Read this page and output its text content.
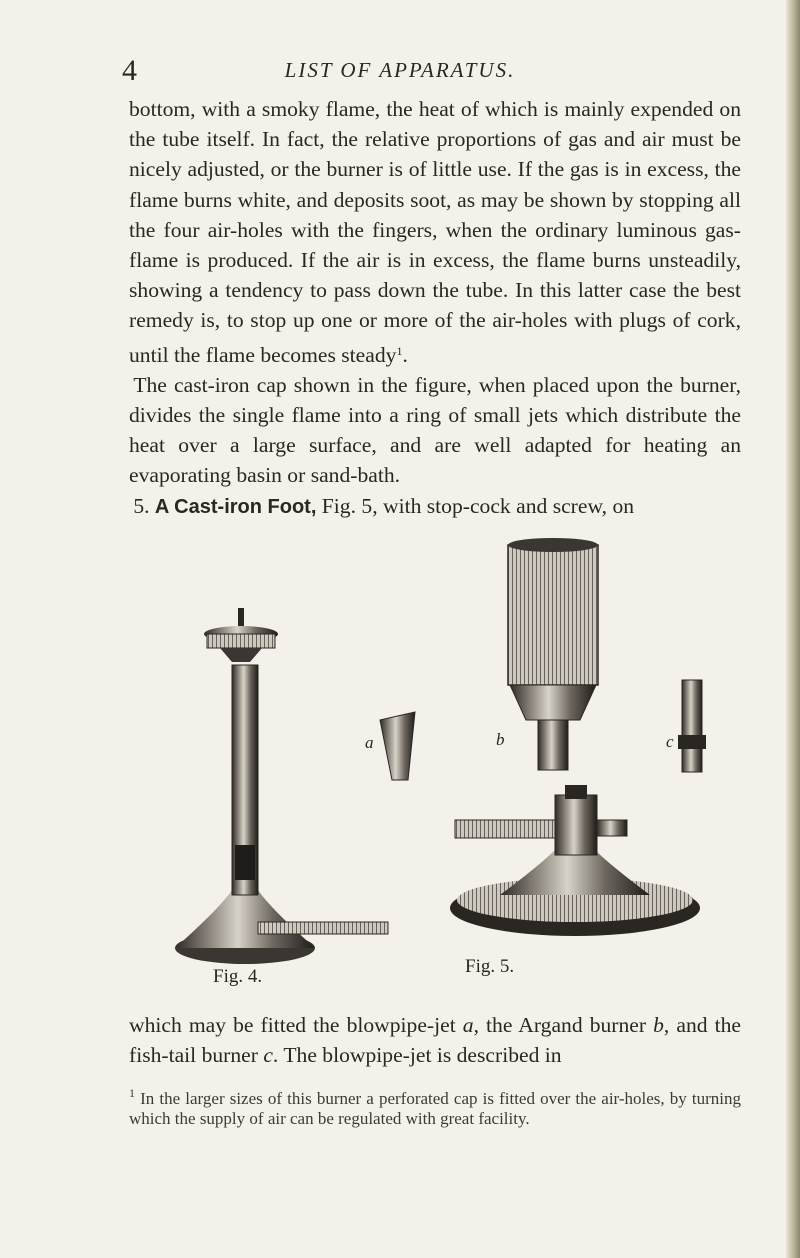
4	LIST OF APPARATUS.

bottom, with a smoky flame, the heat of which is mainly expended on the tube itself. In fact, the relative proportions of gas and air must be nicely adjusted, or the burner is of little use. If the gas is in excess, the flame burns white, and deposits soot, as may be shown by stopping all the four air-holes with the fingers, when the ordinary luminous gas-flame is produced. If the air is in excess, the flame burns unsteadily, showing a tendency to pass down the tube. In this latter case the best remedy is, to stop up one or more of the air-holes with plugs of cork, until the flame becomes steady$^1$.

The cast-iron cap shown in the figure, when placed upon the burner, divides the single flame into a ring of small jets which distribute the heat over a large surface, and are well adapted for heating an evaporating basin or sand-bath.

5. A Cast-iron Foot, Fig. 5, with stop-cock and screw, on

a	b	c
Fig. 4.	Fig. 5.

which may be fitted the blowpipe-jet a, the Argand burner b, and the fish-tail burner c. The blowpipe-jet is described in

$^1$ In the larger sizes of this burner a perforated cap is fitted over the air-holes, by turning which the supply of air can be regulated with great facility.
